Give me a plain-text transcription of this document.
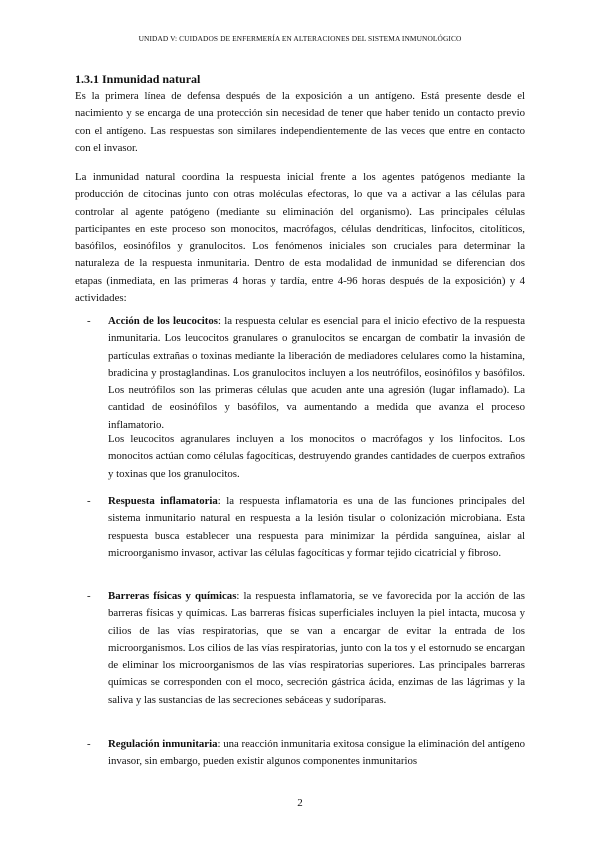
UNIDAD V: CUIDADOS DE ENFERMERÍA EN ALTERACIONES DEL SISTEMA INMUNOLÓGICO
1.3.1 Inmunidad natural

Es la primera línea de defensa después de la exposición a un antígeno. Está presente desde el nacimiento y se encarga de una protección sin necesidad de tener que haber tenido un contacto previo con el antígeno. Las respuestas son similares independientemente de las veces que entre en contacto con el invasor.

La inmunidad natural coordina la respuesta inicial frente a los agentes patógenos mediante la producción de citocinas junto con otras moléculas efectoras, lo que va a activar a las células para controlar al agente patógeno (mediante su eliminación del organismo). Las principales células participantes en este proceso son monocitos, macrófagos, células dendríticas, linfocitos, citolíticos, basófilos, eosinófilos y granulocitos. Los fenómenos iniciales son cruciales para determinar la naturaleza de la respuesta inmunitaria. Dentro de esta modalidad de inmunidad se diferencian dos etapas (inmediata, en las primeras 4 horas y tardía, entre 4-96 horas después de la exposición) y 4 actividades:

- Acción de los leucocitos: la respuesta celular es esencial para el inicio efectivo de la respuesta inmunitaria. Los leucocitos granulares o granulocitos se encargan de combatir la invasión de partículas extrañas o toxinas mediante la liberación de mediadores celulares como la histamina, bradicina y prostaglandinas. Los granulocitos incluyen a los neutrófilos, eosinófilos y basófilos. Los neutrófilos son las primeras células que acuden ante una agresión (lugar inflamado). La cantidad de eosinófilos y basófilos, va aumentando a medida que avanza el proceso inflamatorio.

Los leucocitos agranulares incluyen a los monocitos o macrófagos y los linfocitos. Los monocitos actúan como células fagocíticas, destruyendo grandes cantidades de cuerpos extraños y toxinas que los granulocitos.

- Respuesta inflamatoria: la respuesta inflamatoria es una de las funciones principales del sistema inmunitario natural en respuesta a la lesión tisular o colonización microbiana. Esta respuesta busca establecer una respuesta para minimizar la pérdida sanguínea, aislar al microorganismo invasor, activar las células fagocíticas y formar tejido cicatricial y fibroso.

- Barreras físicas y químicas: la respuesta inflamatoria, se ve favorecida por la acción de las barreras físicas y químicas. Las barreras físicas superficiales incluyen la piel intacta, mucosa y cilios de las vías respiratorias, que se van a encargar de evitar la entrada de los microorganismos. Los cilios de las vías respiratorias, junto con la tos y el estornudo se encargan de eliminar los microorganismos de las vías respiratorias superiores. Las principales barreras químicas se corresponden con el moco, secreción gástrica ácida, enzimas de las lágrimas y la saliva y las sustancias de las secreciones sebáceas y sudoríparas.

- Regulación inmunitaria: una reacción inmunitaria exitosa consigue la eliminación del antígeno invasor, sin embargo, pueden existir algunos componentes inmunitarios

2
